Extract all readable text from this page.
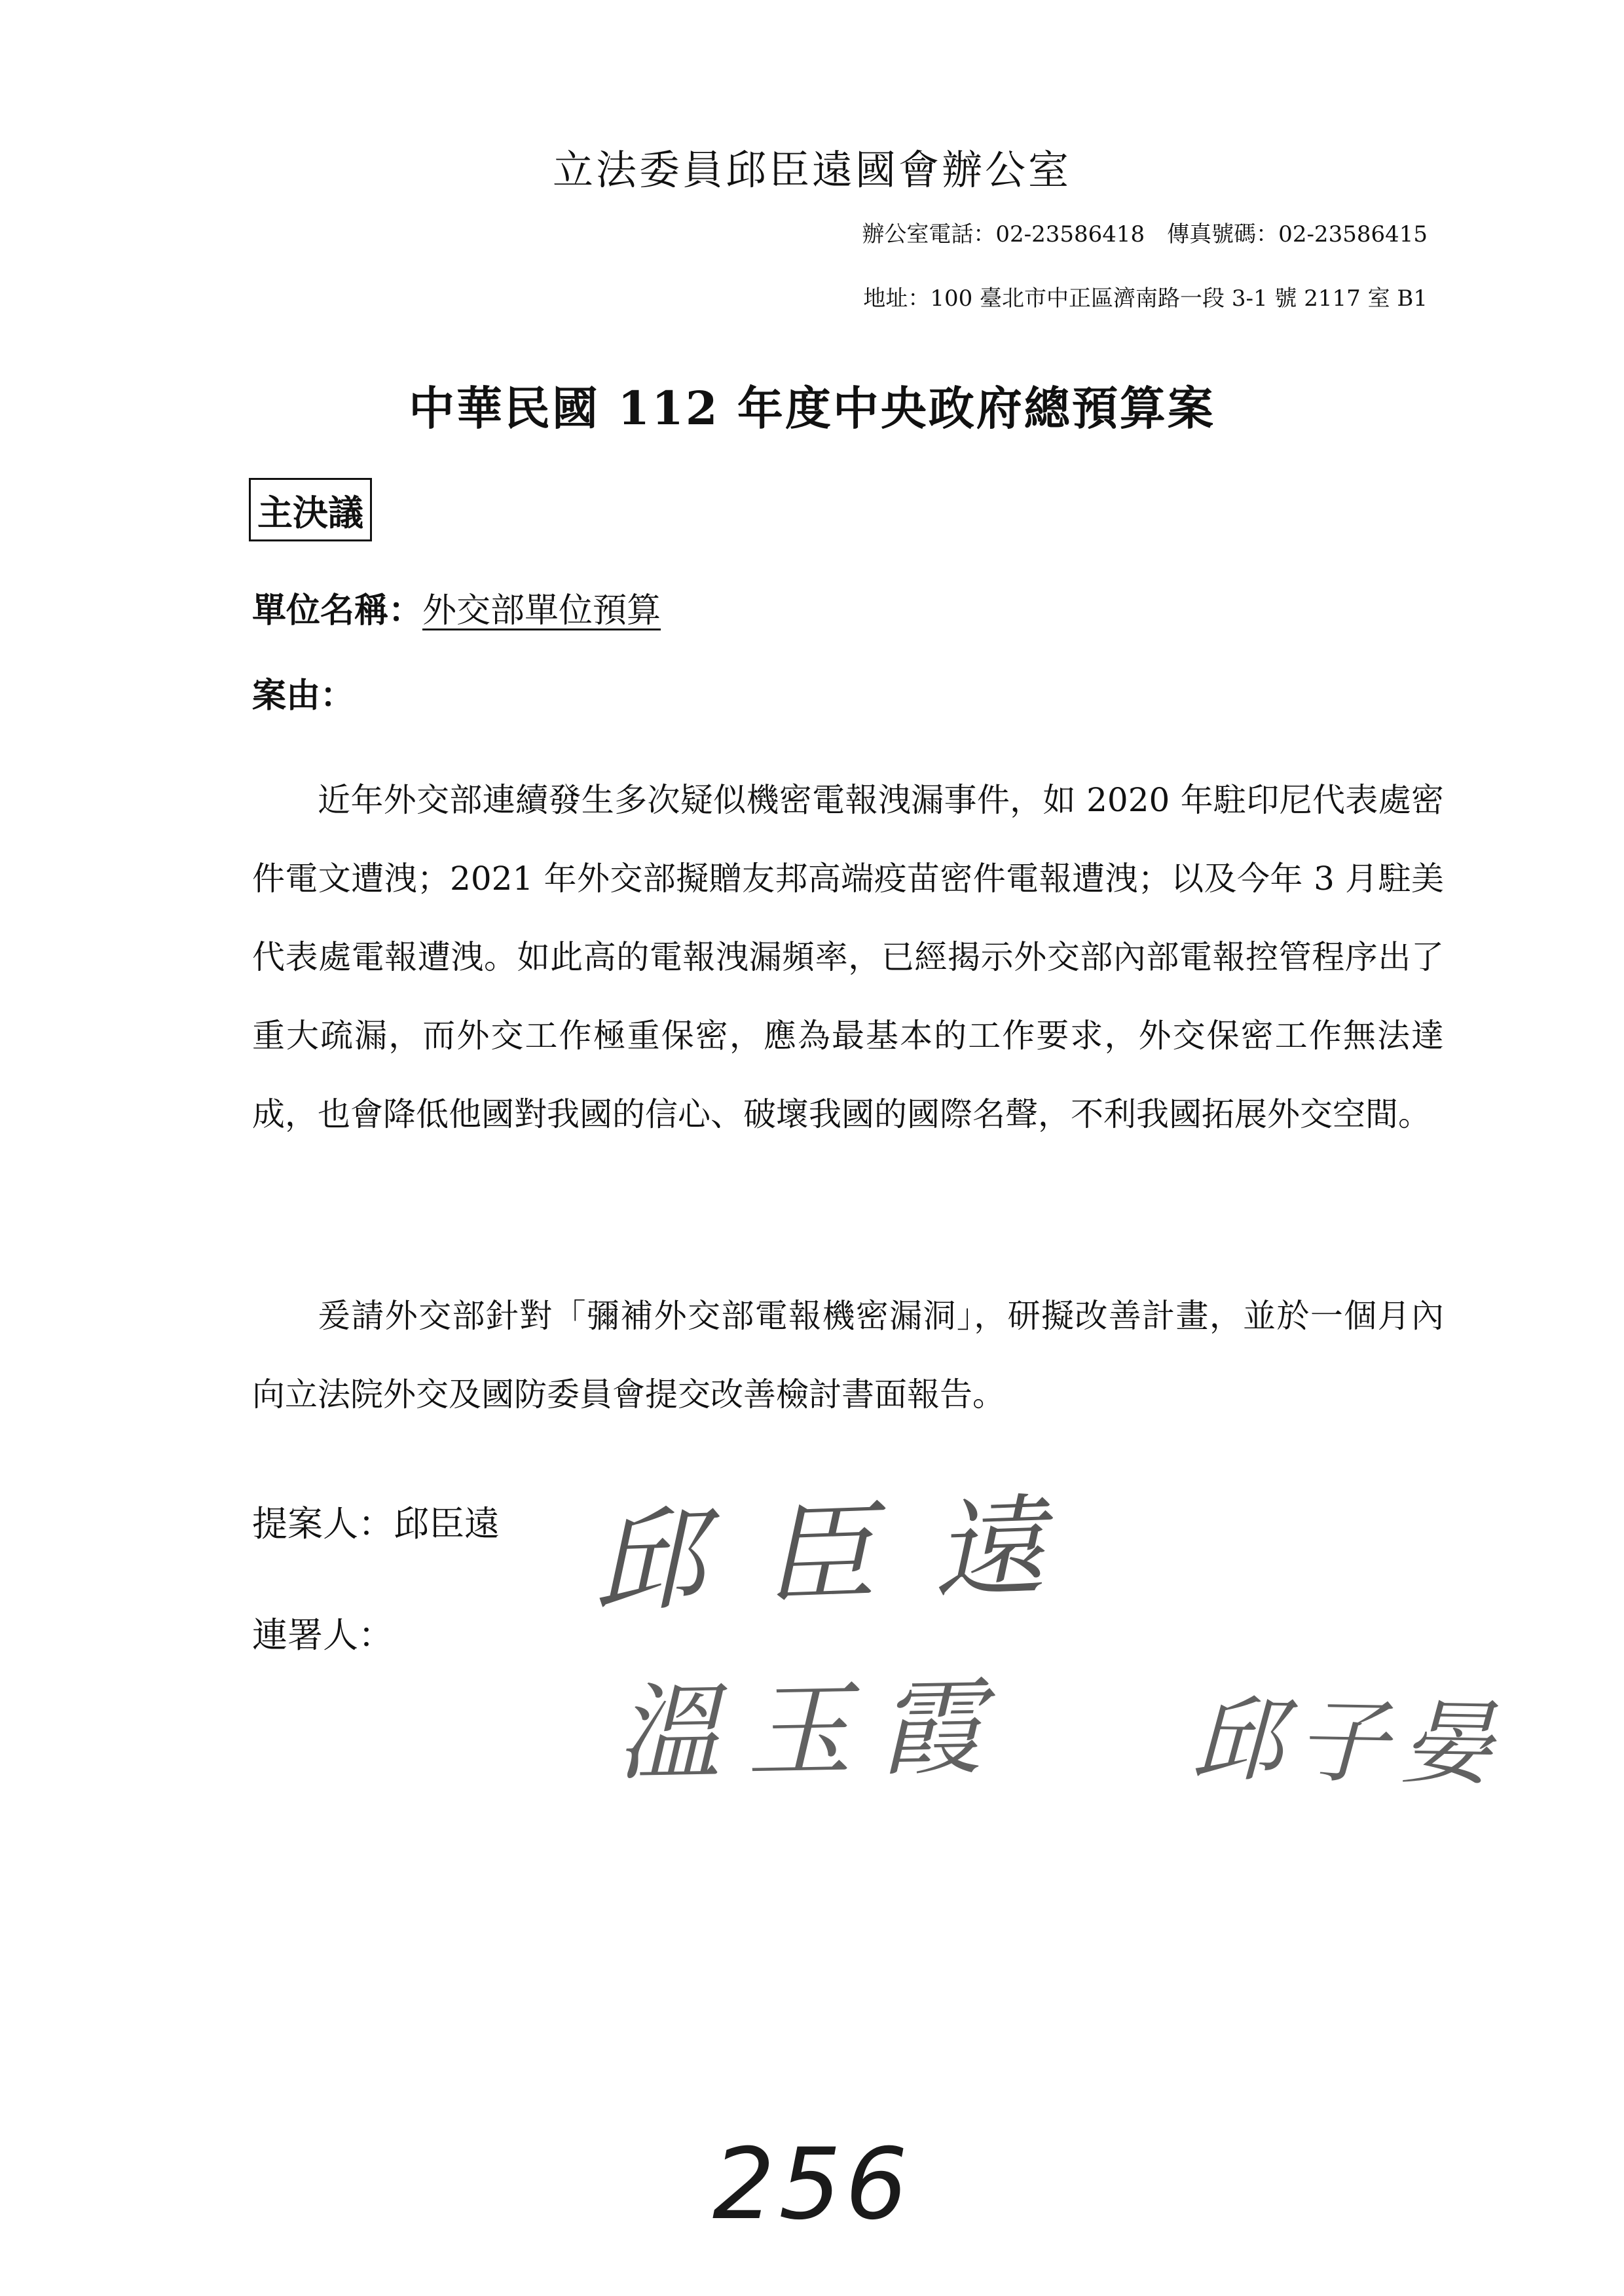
立法委員邱臣遠國會辦公室
辦公室電話：02-23586418　傳真號碼：02-23586415
地址：100 臺北市中正區濟南路一段 3-1 號 2117 室 B1
中華民國 112 年度中央政府總預算案
主決議
單位名稱：外交部單位預算
案由：

近年外交部連續發生多次疑似機密電報洩漏事件，如 2020 年駐印尼代表處密件電文遭洩；2021 年外交部擬贈友邦高端疫苗密件電報遭洩；以及今年 3 月駐美代表處電報遭洩。如此高的電報洩漏頻率，已經揭示外交部內部電報控管程序出了重大疏漏，而外交工作極重保密，應為最基本的工作要求，外交保密工作無法達成，也會降低他國對我國的信心、破壞我國的國際名聲，不利我國拓展外交空間。

爰請外交部針對「彌補外交部電報機密漏洞」，研擬改善計畫，並於一個月內向立法院外交及國防委員會提交改善檢討書面報告。

提案人：邱臣遠
連署人：
邱臣遠
溫玉霞 邱子晏
256
